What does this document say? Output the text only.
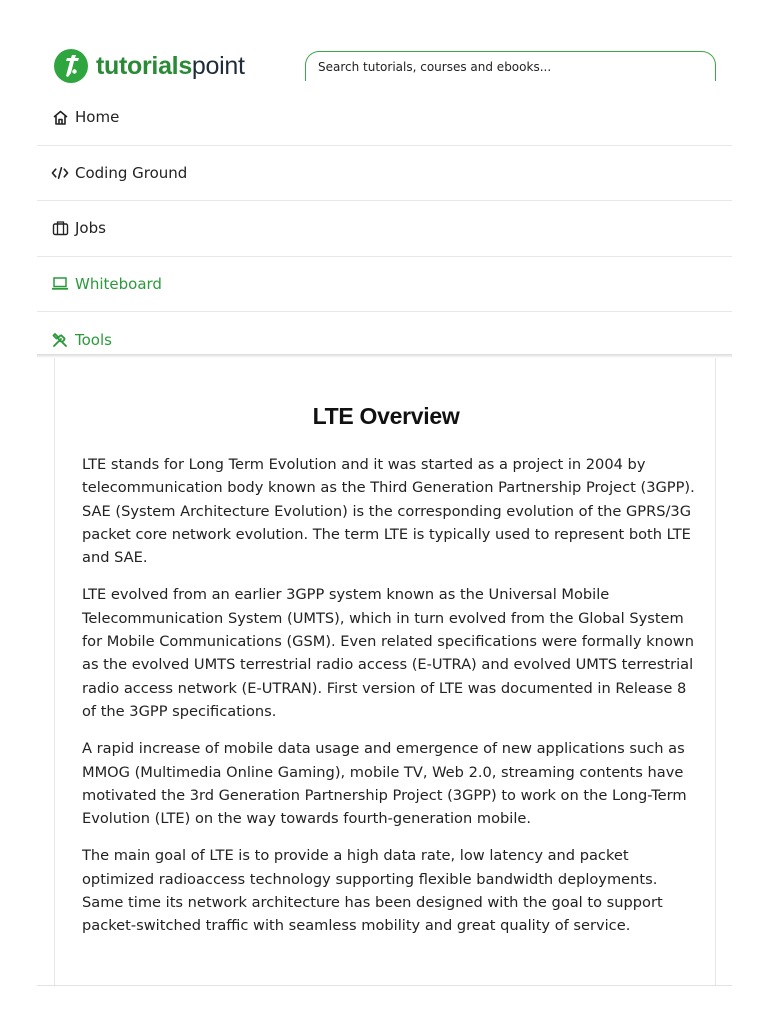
tutorialspoint
Search tutorials, courses and ebooks...
Home
Coding Ground
Jobs
Whiteboard
Tools
LTE Overview

LTE stands for Long Term Evolution and it was started as a project in 2004 by telecommunication body known as the Third Generation Partnership Project (3GPP). SAE (System Architecture Evolution) is the corresponding evolution of the GPRS/3G packet core network evolution. The term LTE is typically used to represent both LTE and SAE.

LTE evolved from an earlier 3GPP system known as the Universal Mobile Telecommunication System (UMTS), which in turn evolved from the Global System for Mobile Communications (GSM). Even related specifications were formally known as the evolved UMTS terrestrial radio access (E-UTRA) and evolved UMTS terrestrial radio access network (E-UTRAN). First version of LTE was documented in Release 8 of the 3GPP specifications.

A rapid increase of mobile data usage and emergence of new applications such as MMOG (Multimedia Online Gaming), mobile TV, Web 2.0, streaming contents have motivated the 3rd Generation Partnership Project (3GPP) to work on the Long-Term Evolution (LTE) on the way towards fourth-generation mobile.

The main goal of LTE is to provide a high data rate, low latency and packet optimized radioaccess technology supporting flexible bandwidth deployments. Same time its network architecture has been designed with the goal to support packet-switched traffic with seamless mobility and great quality of service.
